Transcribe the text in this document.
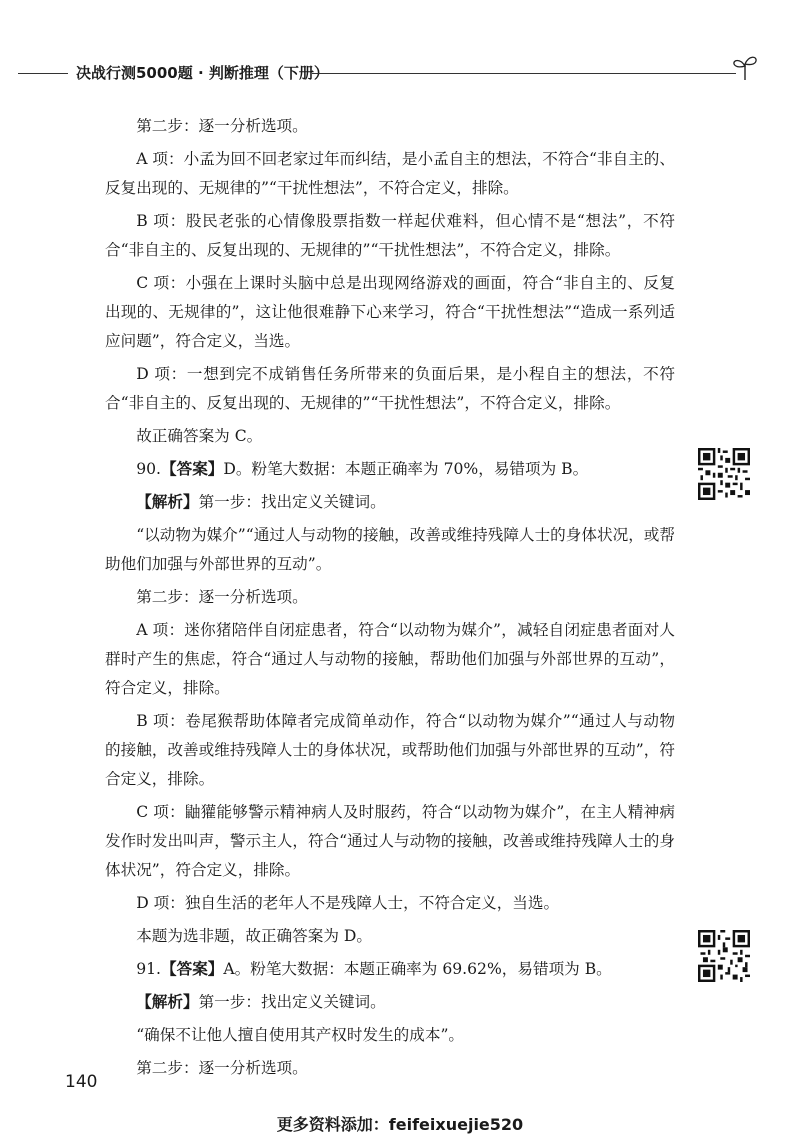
决战行测5000题 · 判断推理（下册）

第二步：逐一分析选项。

A 项：小孟为回不回老家过年而纠结，是小孟自主的想法，不符合“非自主的、反复出现的、无规律的”“干扰性想法”，不符合定义，排除。

B 项：股民老张的心情像股票指数一样起伏难料，但心情不是“想法”，不符合“非自主的、反复出现的、无规律的”“干扰性想法”，不符合定义，排除。

C 项：小强在上课时头脑中总是出现网络游戏的画面，符合“非自主的、反复出现的、无规律的”，这让他很难静下心来学习，符合“干扰性想法”“造成一系列适应问题”，符合定义，当选。

D 项：一想到完不成销售任务所带来的负面后果，是小程自主的想法，不符合“非自主的、反复出现的、无规律的”“干扰性想法”，不符合定义，排除。

故正确答案为 C。

90.【答案】D。粉笔大数据：本题正确率为 70%，易错项为 B。

【解析】第一步：找出定义关键词。

“以动物为媒介”“通过人与动物的接触，改善或维持残障人士的身体状况，或帮助他们加强与外部世界的互动”。

第二步：逐一分析选项。

A 项：迷你猪陪伴自闭症患者，符合“以动物为媒介”，减轻自闭症患者面对人群时产生的焦虑，符合“通过人与动物的接触，帮助他们加强与外部世界的互动”，符合定义，排除。

B 项：卷尾猴帮助体障者完成简单动作，符合“以动物为媒介”“通过人与动物的接触，改善或维持残障人士的身体状况，或帮助他们加强与外部世界的互动”，符合定义，排除。

C 项：鼬獾能够警示精神病人及时服药，符合“以动物为媒介”，在主人精神病发作时发出叫声，警示主人，符合“通过人与动物的接触，改善或维持残障人士的身体状况”，符合定义，排除。

D 项：独自生活的老年人不是残障人士，不符合定义，当选。

本题为选非题，故正确答案为 D。

91.【答案】A。粉笔大数据：本题正确率为 69.62%，易错项为 B。

【解析】第一步：找出定义关键词。

“确保不让他人擅自使用其产权时发生的成本”。

第二步：逐一分析选项。

140
更多资料添加：feifeixuejie520
